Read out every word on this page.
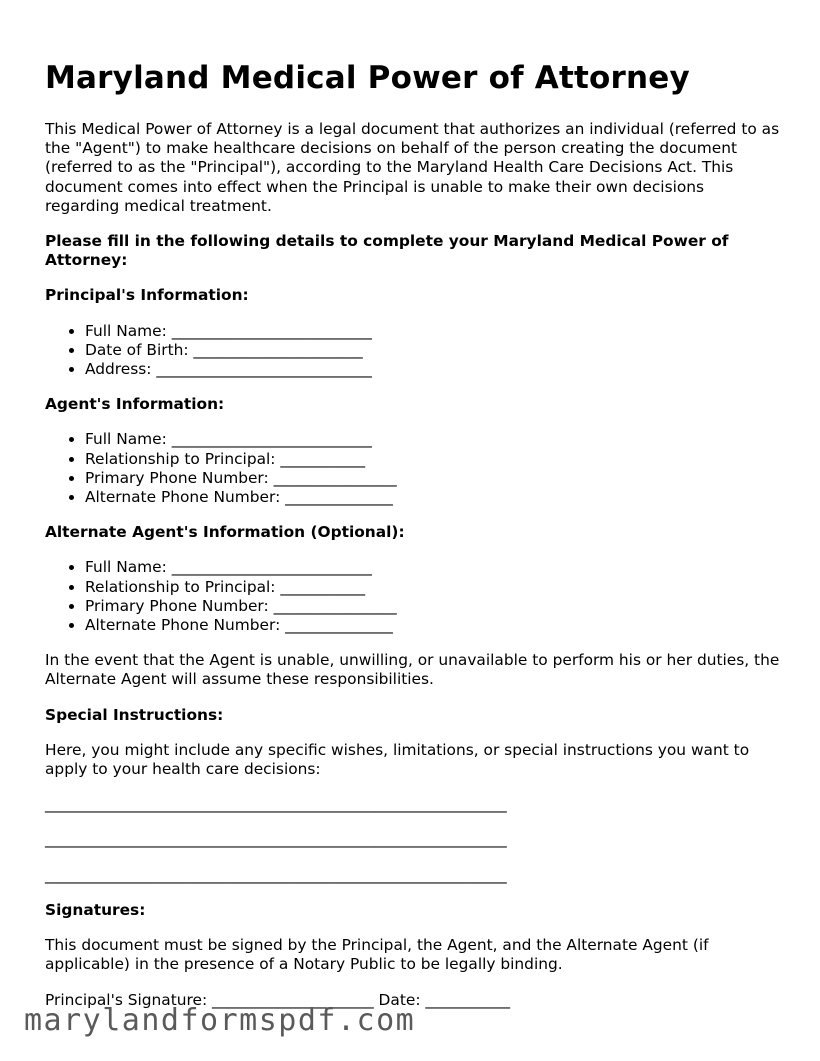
Maryland Medical Power of Attorney

This Medical Power of Attorney is a legal document that authorizes an individual (referred to as the "Agent") to make healthcare decisions on behalf of the person creating the document (referred to as the "Principal"), according to the Maryland Health Care Decisions Act. This document comes into effect when the Principal is unable to make their own decisions regarding medical treatment.

Please fill in the following details to complete your Maryland Medical Power of Attorney:

Principal's Information:

• Full Name: __________________________
• Date of Birth: ______________________
• Address: ____________________________

Agent's Information:

• Full Name: __________________________
• Relationship to Principal: ___________
• Primary Phone Number: ________________
• Alternate Phone Number: ______________

Alternate Agent's Information (Optional):

• Full Name: __________________________
• Relationship to Principal: ___________
• Primary Phone Number: ________________
• Alternate Phone Number: ______________

In the event that the Agent is unable, unwilling, or unavailable to perform his or her duties, the Alternate Agent will assume these responsibilities.

Special Instructions:

Here, you might include any specific wishes, limitations, or special instructions you want to apply to your health care decisions:

____________________________________________________________
____________________________________________________________
____________________________________________________________

Signatures:

This document must be signed by the Principal, the Agent, and the Alternate Agent (if applicable) in the presence of a Notary Public to be legally binding.

Principal's Signature: _____________________ Date: ___________

marylandformspdf.com
